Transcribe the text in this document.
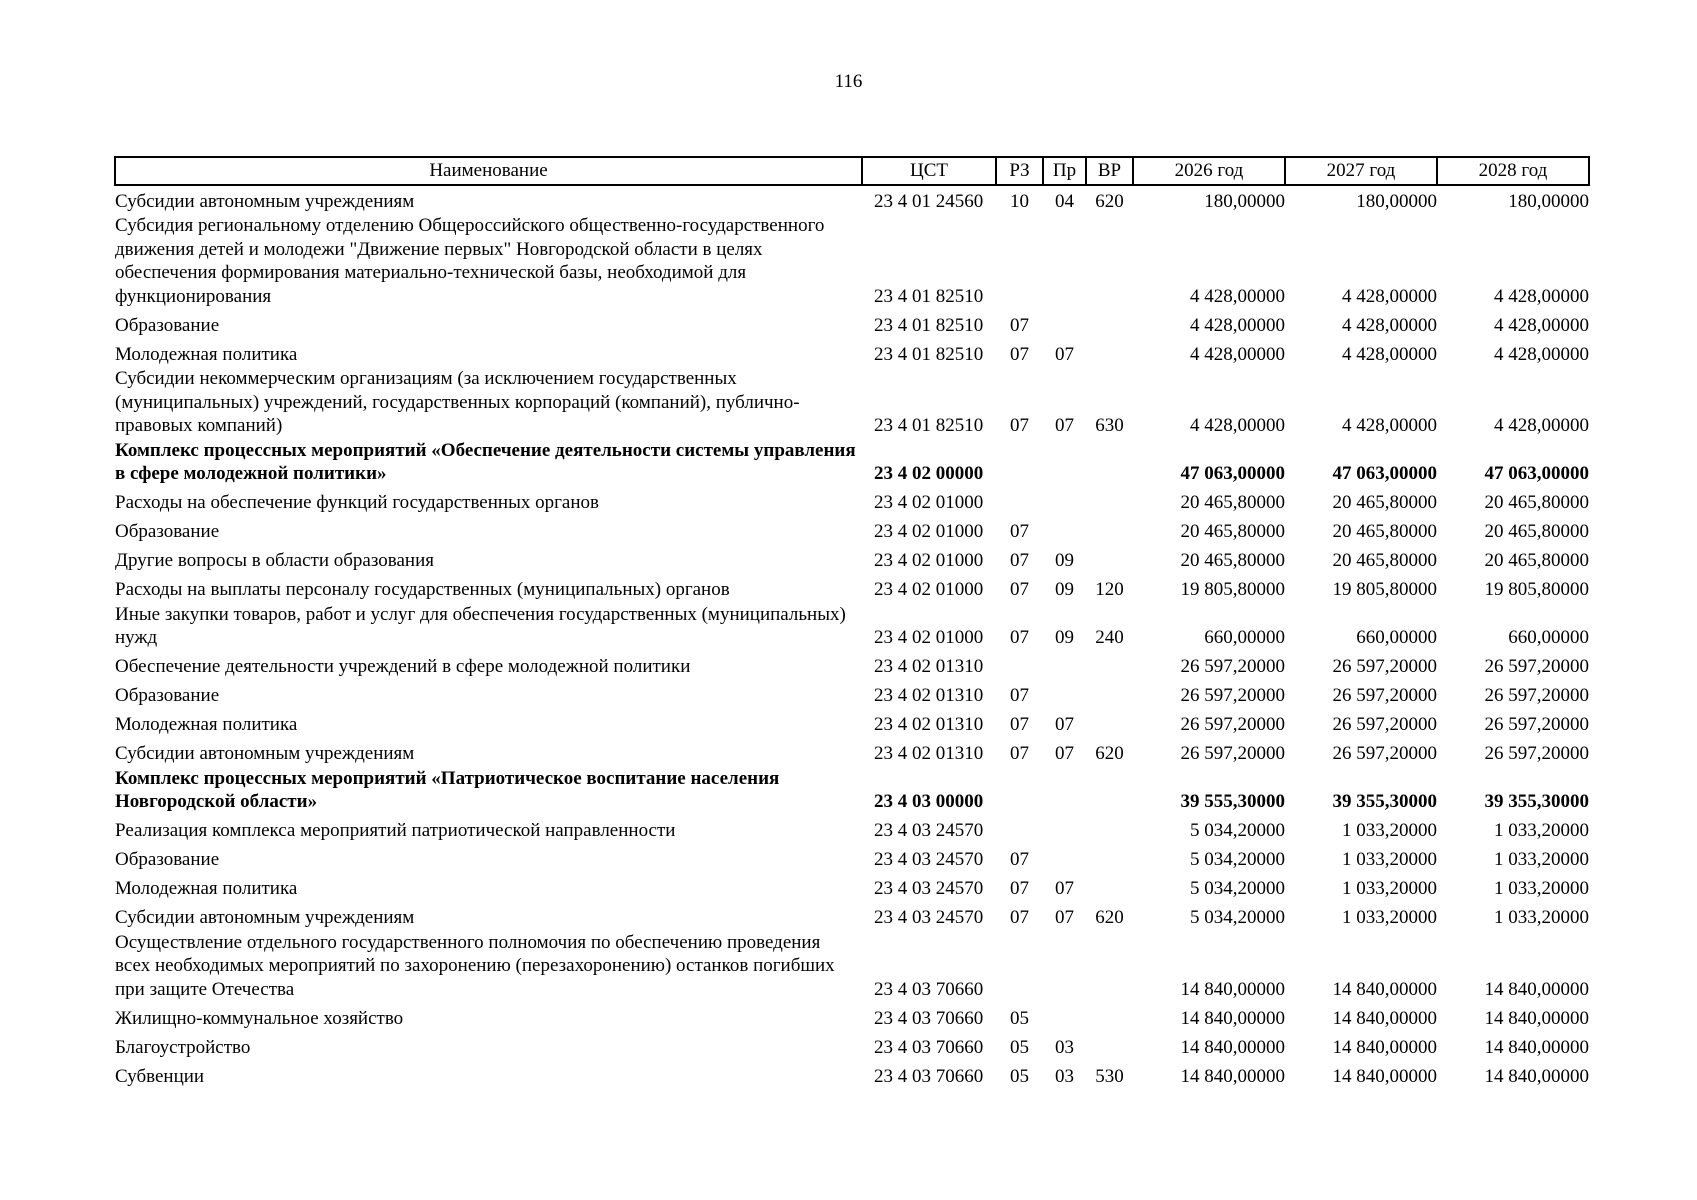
116
Наименование	ЦСТ	РЗ	Пр	ВР	2026 год	2027 год	2028 год
Субсидии автономным учреждениям	23 4 01 24560	10	04	620	180,00000	180,00000	180,00000
Субсидия региональному отделению Общероссийского общественно-государственного движения детей и молодежи "Движение первых" Новгородской области в целях обеспечения формирования материально-технической базы, необходимой для функционирования	23 4 01 82510				4 428,00000	4 428,00000	4 428,00000
Образование	23 4 01 82510	07			4 428,00000	4 428,00000	4 428,00000
Молодежная политика	23 4 01 82510	07	07		4 428,00000	4 428,00000	4 428,00000
Субсидии некоммерческим организациям (за исключением государственных (муниципальных) учреждений, государственных корпораций (компаний), публично-правовых компаний)	23 4 01 82510	07	07	630	4 428,00000	4 428,00000	4 428,00000
Комплекс процессных мероприятий «Обеспечение деятельности системы управления в сфере молодежной политики»	23 4 02 00000				47 063,00000	47 063,00000	47 063,00000
Расходы на обеспечение функций государственных органов	23 4 02 01000				20 465,80000	20 465,80000	20 465,80000
Образование	23 4 02 01000	07			20 465,80000	20 465,80000	20 465,80000
Другие вопросы в области образования	23 4 02 01000	07	09		20 465,80000	20 465,80000	20 465,80000
Расходы на выплаты персоналу государственных (муниципальных) органов	23 4 02 01000	07	09	120	19 805,80000	19 805,80000	19 805,80000
Иные закупки товаров, работ и услуг для обеспечения государственных (муниципальных) нужд	23 4 02 01000	07	09	240	660,00000	660,00000	660,00000
Обеспечение деятельности учреждений в сфере молодежной политики	23 4 02 01310				26 597,20000	26 597,20000	26 597,20000
Образование	23 4 02 01310	07			26 597,20000	26 597,20000	26 597,20000
Молодежная политика	23 4 02 01310	07	07		26 597,20000	26 597,20000	26 597,20000
Субсидии автономным учреждениям	23 4 02 01310	07	07	620	26 597,20000	26 597,20000	26 597,20000
Комплекс процессных мероприятий «Патриотическое воспитание населения Новгородской области»	23 4 03 00000				39 555,30000	39 355,30000	39 355,30000
Реализация комплекса мероприятий патриотической направленности	23 4 03 24570				5 034,20000	1 033,20000	1 033,20000
Образование	23 4 03 24570	07			5 034,20000	1 033,20000	1 033,20000
Молодежная политика	23 4 03 24570	07	07		5 034,20000	1 033,20000	1 033,20000
Субсидии автономным учреждениям	23 4 03 24570	07	07	620	5 034,20000	1 033,20000	1 033,20000
Осуществление отдельного государственного полномочия по обеспечению проведения всех необходимых мероприятий по захоронению (перезахоронению) останков погибших при защите Отечества	23 4 03 70660				14 840,00000	14 840,00000	14 840,00000
Жилищно-коммунальное хозяйство	23 4 03 70660	05			14 840,00000	14 840,00000	14 840,00000
Благоустройство	23 4 03 70660	05	03		14 840,00000	14 840,00000	14 840,00000
Субвенции	23 4 03 70660	05	03	530	14 840,00000	14 840,00000	14 840,00000
